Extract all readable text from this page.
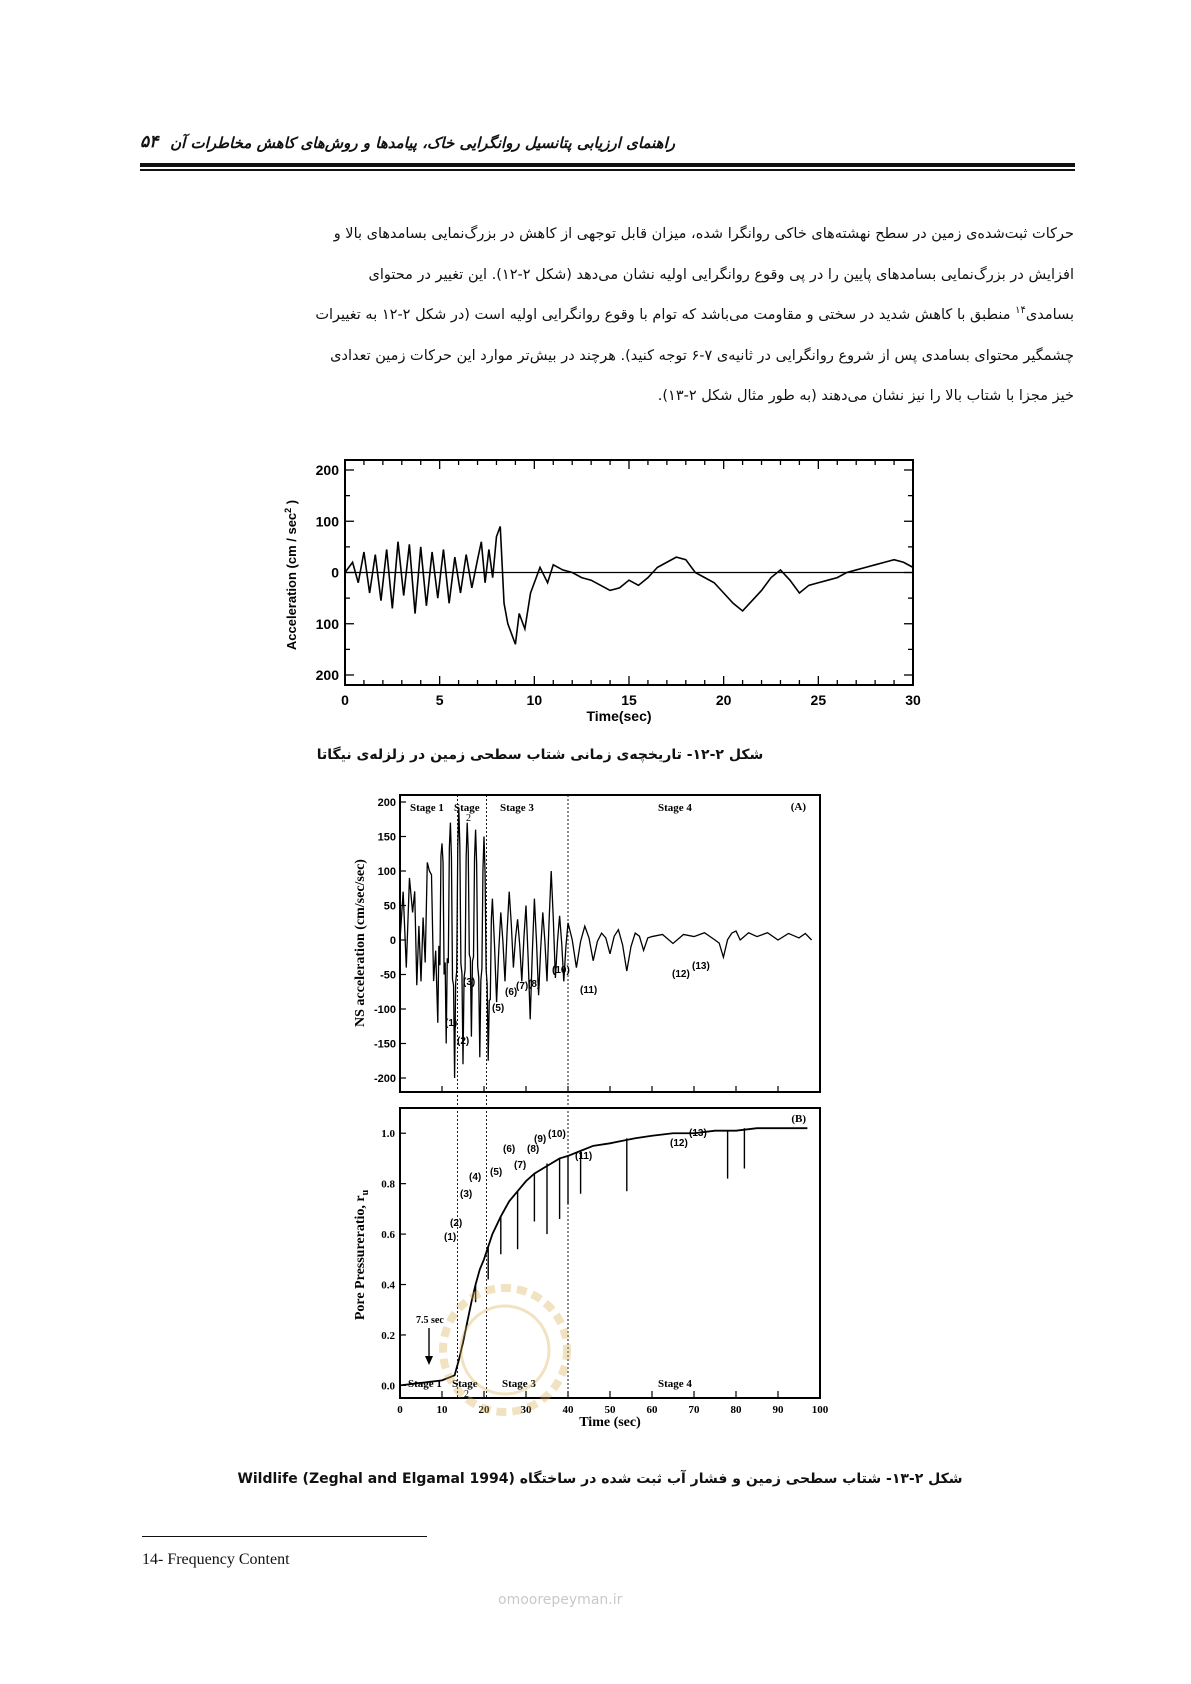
راهنمای ارزیابی پتانسیل روانگرایی خاک، پیامدها و روش‌های کاهش مخاطرات آن
۵۴
حرکات ثبت‌شده‌ی زمین در سطح نهشته‌های خاکی روانگرا شده، میزان قابل توجهی از کاهش در بزرگ‌نمایی بسامدهای بالا و
افزایش در بزرگ‌نمایی بسامدهای پایین را در پی وقوع روانگرایی اولیه نشان می‌دهد (شکل ۲-۱۲). این تغییر در محتوای
بسامدی$^{۱۴}$ منطبق با کاهش شدید در سختی و مقاومت می‌باشد که توام با وقوع روانگرایی اولیه است (در شکل ۲-۱۲ به تغییرات
چشمگیر محتوای بسامدی پس از شروع روانگرایی در ثانیه‌ی ۷-۶ توجه کنید). هرچند در بیش‌تر موارد این حرکات زمین تعدادی
خیز مجزا با شتاب بالا را نیز نشان می‌دهند (به طور مثال شکل ۲-۱۳).
200
100
0
100
200
0	5	10	15	20	25	30
Time(sec)
Acceleration ($cm / \sec^2$ )
شکل ۲-۱۲- تاریخچه‌ی زمانی شتاب سطحی زمین در زلزله‌ی نیگاتا
200
150
100
50
0
-50
-100
-150
-200
1.0
0.8
0.6
0.4
0.2
0.0
0	10	20	30	40	50	60	70	80	90	100
(A)
(B)
Stage 1 Stage
2
Stage 3	Stage 4
Stage 1 Stage
2
Stage 3	Stage 4
(1)
(2)
(3)
(5)
(6)
(7) (8)
(10)
(11)
(12)
(13)
(1)
(2)
(3)
(4) (5)
(6)
(7)
(8)
(9) (10)
(11)
(12)
(13)
7.5 sec
Time (sec)
NS acceleration (cm/sec/sec)
Pore Pressureratio, $r_u$
شکل ۲-۱۳- شتاب سطحی زمین و فشار آب ثبت شده در ساختگاه Wildlife (Zeghal and Elgamal 1994)
14- Frequency Content
omoorepeyman.ir
